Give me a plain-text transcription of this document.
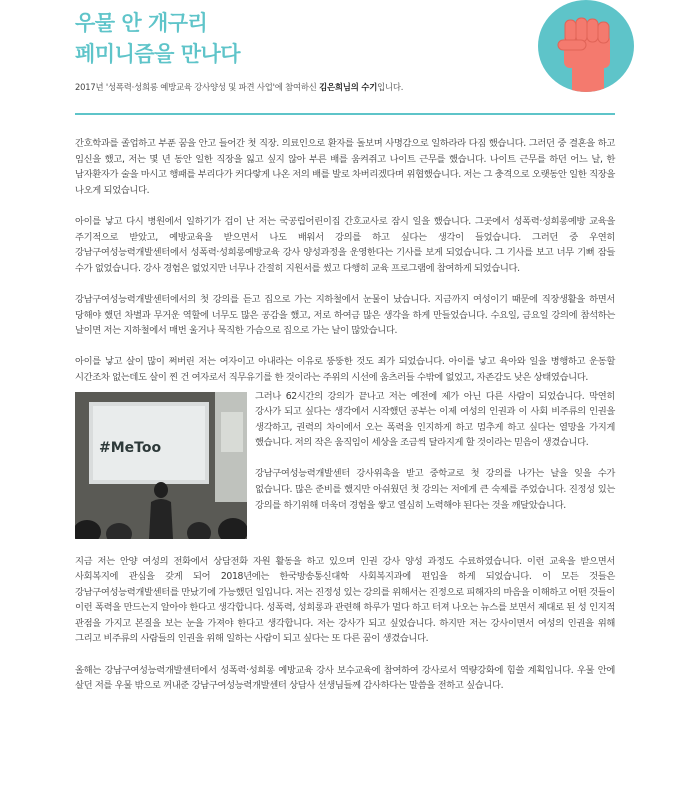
우물 안 개구리
페미니즘을 만나다

2017년 '성폭력·성희롱 예방교육 강사양성 및 파견 사업'에 참여하신 김은희님의 수기입니다.

간호학과를 졸업하고 부푼 꿈을 안고 들어간 첫 직장. 의료인으로 환자를 돌보며 사명감으로 일하라라 다짐 했습니다. 그러던 중 결혼을 하고 임신을 했고, 저는 몇 년 동안 일한 직장을 잃고 싶지 않아 부른 배를 움켜쥐고 나이트 근무를 했습니다. 나이트 근무를 하던 어느 날, 한 남자환자가 술을 마시고 행패를 부리다가 커다랗게 나온 저의 배를 발로 차버리겠다며 위협했습니다. 저는 그 충격으로 오랫동안 일한 직장을 나오게 되었습니다.

아이를 낳고 다시 병원에서 일하기가 겁이 난 저는 국공립어린이집 간호교사로 잠시 일을 했습니다. 그곳에서 성폭력·성희롱예방 교육을 주기적으로 받았고, 예방교육을 받으면서 나도 배워서 강의를 하고 싶다는 생각이 들었습니다. 그러던 중 우연히 강남구여성능력개발센터에서 성폭력·성희롱예방교육 강사 양성과정을 운영한다는 기사를 보게 되었습니다. 그 기사를 보고 너무 기뻐 잠들 수가 없었습니다. 강사 경험은 없었지만 너무나 간절히 지원서를 썼고 다행히 교육 프로그램에 참여하게 되었습니다.

강남구여성능력개발센터에서의 첫 강의를 듣고 집으로 가는 지하철에서 눈물이 났습니다. 지금까지 여성이기 때문에 직장생활을 하면서 당해야 했던 차별과 무거운 역할에 너무도 많은 공감을 했고, 저로 하여금 많은 생각을 하게 만들었습니다. 수요일, 금요일 강의에 참석하는 날이면 저는 지하철에서 매번 울거나 묵직한 가슴으로 집으로 가는 날이 많았습니다.

아이를 낳고 살이 많이 쩌버린 저는 여자이고 아내라는 이유로 뚱뚱한 것도 죄가 되었습니다. 아이를 낳고 육아와 일을 병행하고 운동할 시간조차 없는데도 살이 찐 건 여자로서 직무유기를 한 것이라는 주위의 시선에 움츠러들 수밖에 없었고, 자존감도 낮은 상태였습니다.

#MeToo

그러나 62시간의 강의가 끝나고 저는 예전에 제가 아닌 다른 사람이 되었습니다. 막연히 강사가 되고 싶다는 생각에서 시작했던 공부는 이제 여성의 인권과 이 사회 비주류의 인권을 생각하고, 권력의 차이에서 오는 폭력을 인지하게 하고 멈추게 하고 싶다는 열망을 가지게 했습니다. 저의 작은 움직임이 세상을 조금씩 달라지게 할 것이라는 믿음이 생겼습니다.

강남구여성능력개발센터 강사위촉을 받고 중학교로 첫 강의를 나가는 날을 잊을 수가 없습니다. 많은 준비를 했지만 아쉬웠던 첫 강의는 저에게 큰 숙제를 주었습니다. 진정성 있는 강의를 하기위해 더욱더 경험을 쌓고 열심히 노력해야 된다는 것을 깨달았습니다.

지금 저는 안양 여성의 전화에서 상담전화 자원 활동을 하고 있으며 인권 강사 양성 과정도 수료하였습니다. 이런 교육을 받으면서 사회복지에 관심을 갖게 되어 2018년에는 한국방송통신대학 사회복지과에 편입을 하게 되었습니다. 이 모든 것들은 강남구여성능력개발센터를 만났기에 가능했던 일입니다. 저는 진정성 있는 강의를 위해서는 진정으로 피해자의 마음을 이해하고 어떤 것들이 이런 폭력을 만드는지 알아야 한다고 생각합니다. 성폭력, 성희롱과 관련해 하루가 멀다 하고 터져 나오는 뉴스를 보면서 제대로 된 성 인지적 관점을 가지고 본질을 보는 눈을 가져야 한다고 생각합니다. 저는 강사가 되고 싶었습니다. 하지만 저는 강사이면서 여성의 인권을 위해 그리고 비주류의 사람들의 인권을 위해 일하는 사람이 되고 싶다는 또 다른 꿈이 생겼습니다.

올해는 강남구여성능력개발센터에서 성폭력·성희롱 예방교육 강사 보수교육에 참여하여 강사로서 역량강화에 힘쓸 계획입니다. 우물 안에 살던 저를 우물 밖으로 꺼내준 강남구여성능력개발센터 상담사 선생님들께 감사하다는 말씀을 전하고 싶습니다.
